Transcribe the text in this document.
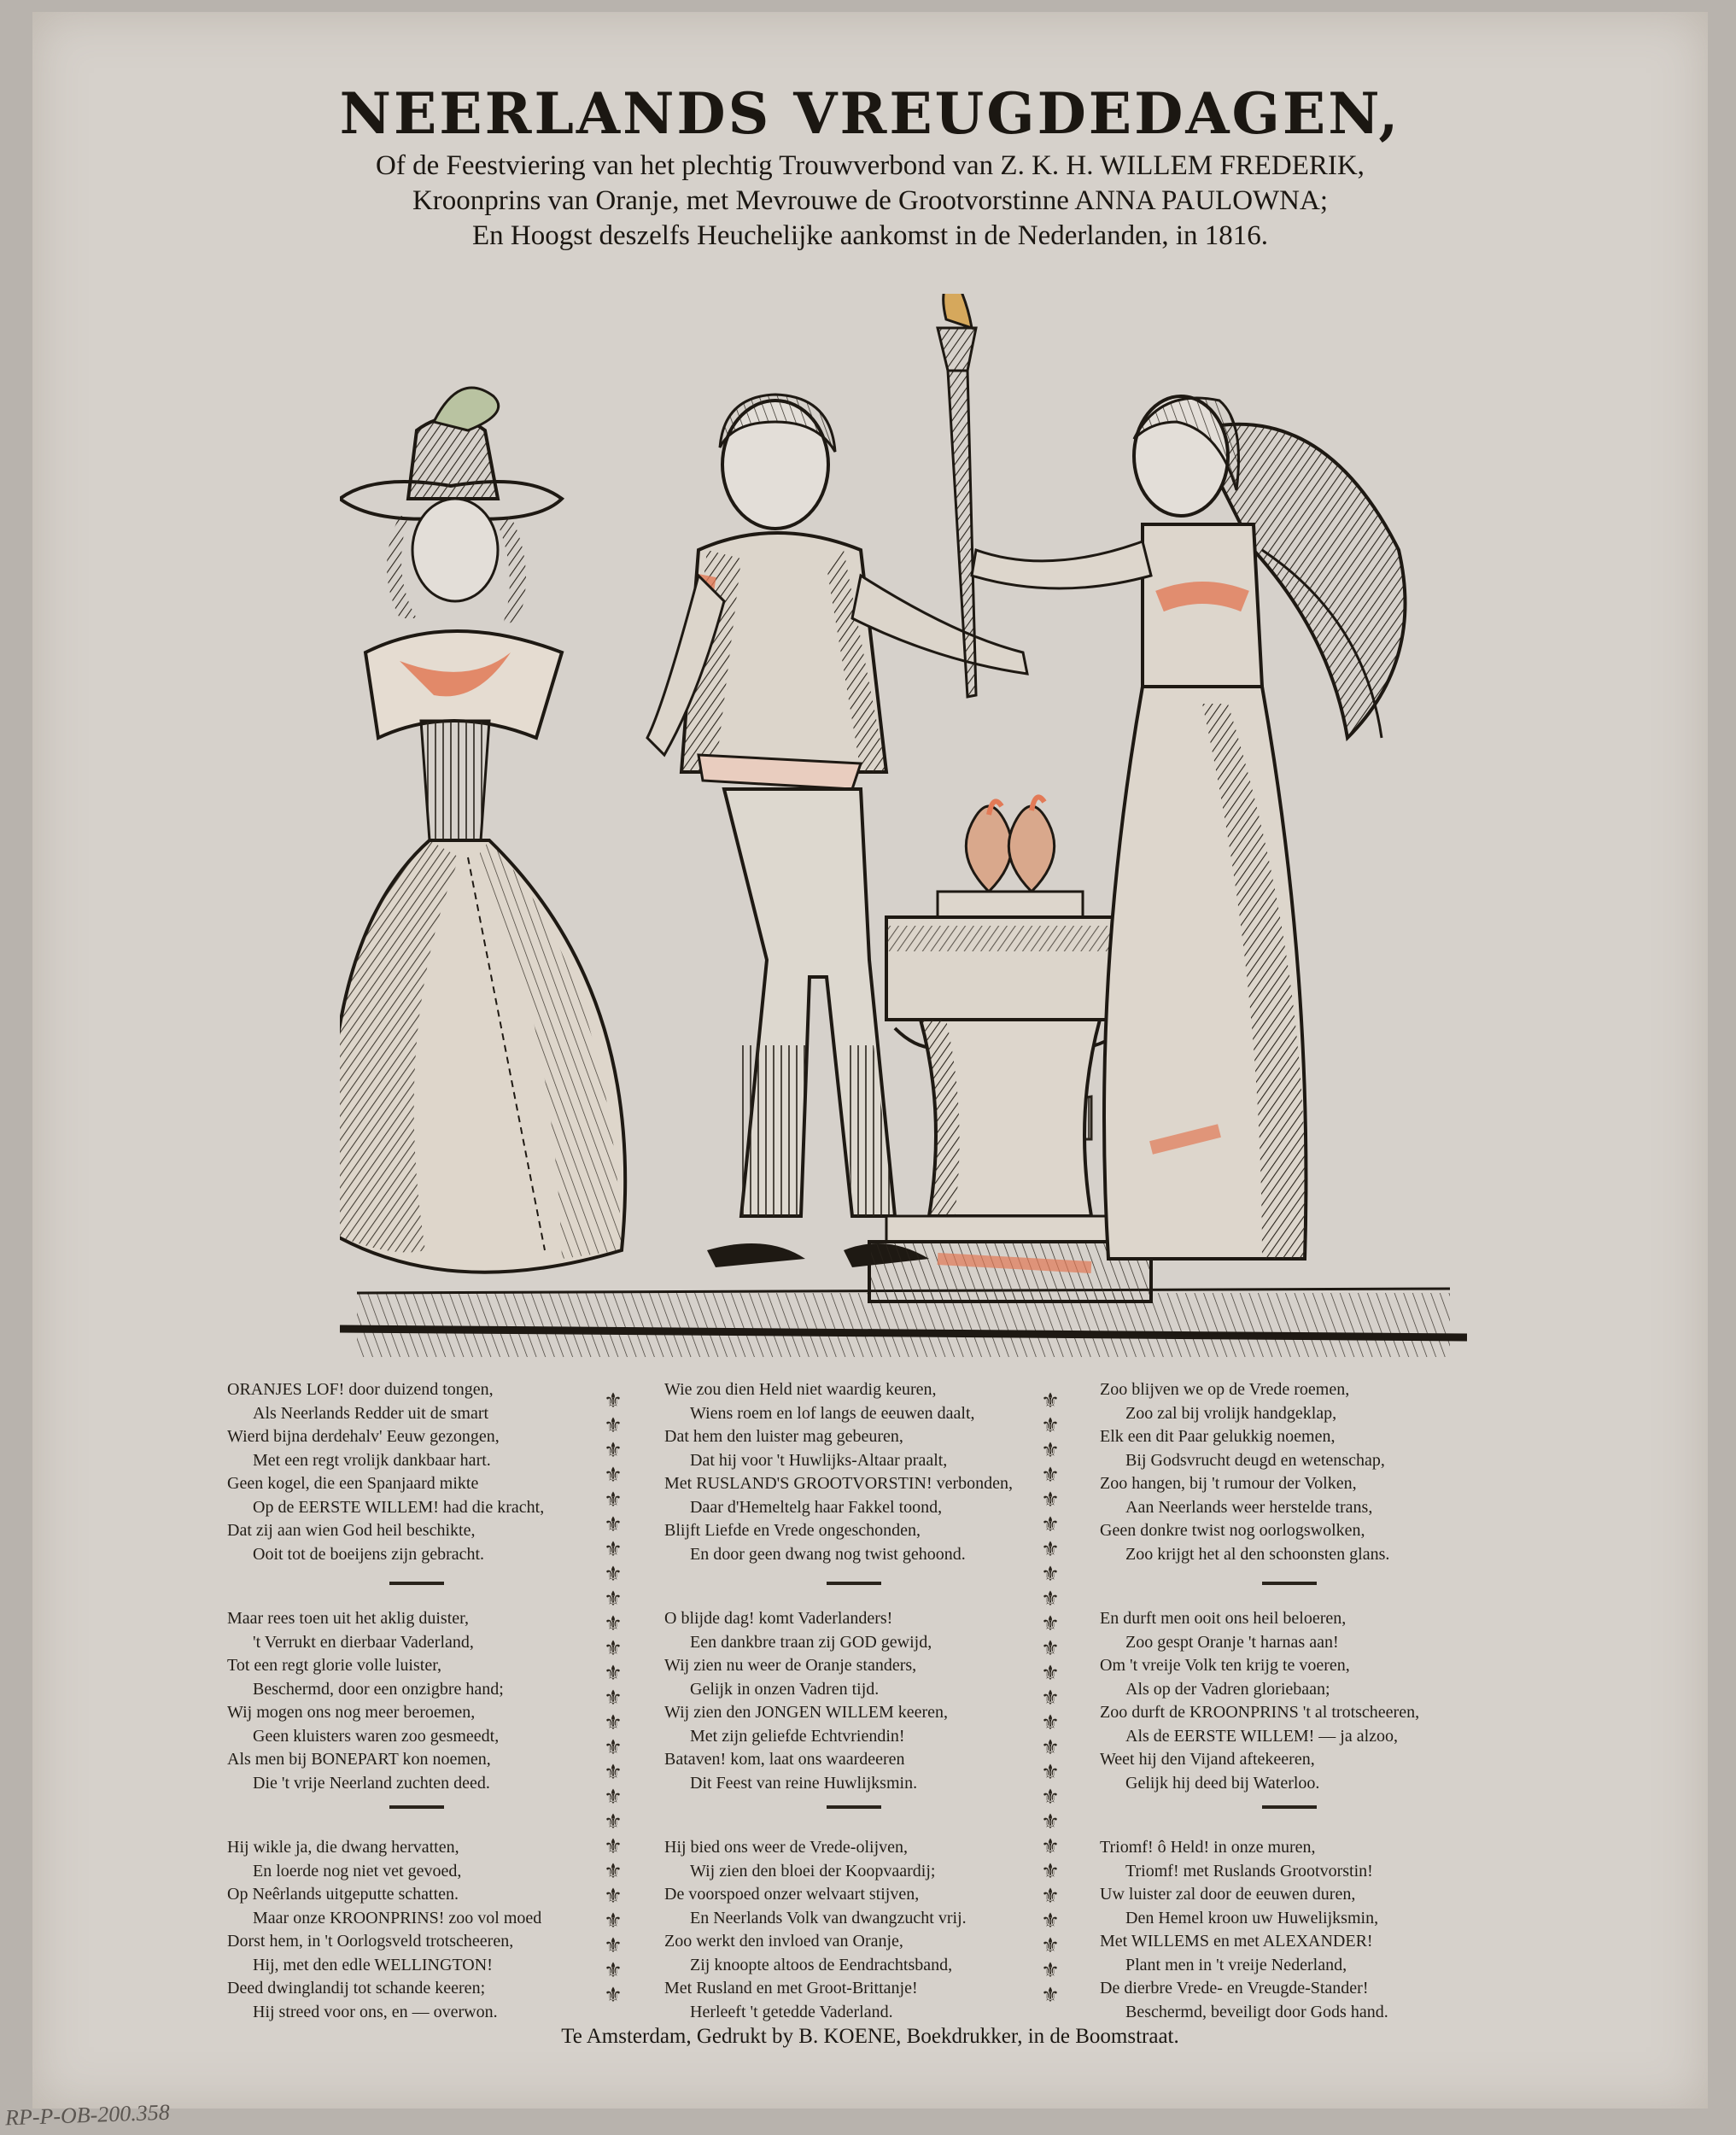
NEERLANDS VREUGDEDAGEN,

Of de Feestviering van het plechtig Trouwverbond van Z. K. H. WILLEM FREDERIK,

Kroonprins van Oranje, met Mevrouwe de Grootvorstinne ANNA PAULOWNA;

En Hoogst deszelfs Heuchelijke aankomst in de Nederlanden, in 1816.

ORANJES LOF! door duizend tongen,

Als Neerlands Redder uit de smart

Wierd bijna derdehalv' Eeuw gezongen,

Met een regt vrolijk dankbaar hart.

Geen kogel, die een Spanjaard mikte

Op de EERSTE WILLEM! had die kracht,

Dat zij aan wien God heil beschikte,

Ooit tot de boeijens zijn gebracht.

Maar rees toen uit het aklig duister,

't Verrukt en dierbaar Vaderland,

Tot een regt glorie volle luister,

Beschermd, door een onzigbre hand;

Wij mogen ons nog meer beroemen,

Geen kluisters waren zoo gesmeedt,

Als men bij BONEPART kon noemen,

Die 't vrije Neerland zuchten deed.

Hij wikle ja, die dwang hervatten,

En loerde nog niet vet gevoed,

Op Neêrlands uitgeputte schatten.

Maar onze KROONPRINS! zoo vol moed

Dorst hem, in 't Oorlogsveld trotscheeren,

Hij, met den edle WELLINGTON!

Deed dwinglandij tot schande keeren;

Hij streed voor ons, en — overwon.

Wie zou dien Held niet waardig keuren,

Wiens roem en lof langs de eeuwen daalt,

Dat hem den luister mag gebeuren,

Dat hij voor 't Huwlijks-Altaar praalt,

Met RUSLAND'S GROOTVORSTIN! verbonden,

Daar d'Hemeltelg haar Fakkel toond,

Blijft Liefde en Vrede ongeschonden,

En door geen dwang nog twist gehoond.

O blijde dag! komt Vaderlanders!

Een dankbre traan zij GOD gewijd,

Wij zien nu weer de Oranje standers,

Gelijk in onzen Vadren tijd.

Wij zien den JONGEN WILLEM keeren,

Met zijn geliefde Echtvriendin!

Bataven! kom, laat ons waardeeren

Dit Feest van reine Huwlijksmin.

Hij bied ons weer de Vrede-olijven,

Wij zien den bloei der Koopvaardij;

De voorspoed onzer welvaart stijven,

En Neerlands Volk van dwangzucht vrij.

Zoo werkt den invloed van Oranje,

Zij knoopte altoos de Eendrachtsband,

Met Rusland en met Groot-Brittanje!

Herleeft 't getedde Vaderland.

Zoo blijven we op de Vrede roemen,

Zoo zal bij vrolijk handgeklap,

Elk een dit Paar gelukkig noemen,

Bij Godsvrucht deugd en wetenschap,

Zoo hangen, bij 't rumour der Volken,

Aan Neerlands weer herstelde trans,

Geen donkre twist nog oorlogswolken,

Zoo krijgt het al den schoonsten glans.

En durft men ooit ons heil beloeren,

Zoo gespt Oranje 't harnas aan!

Om 't vreije Volk ten krijg te voeren,

Als op der Vadren gloriebaan;

Zoo durft de KROONPRINS 't al trotscheeren,

Als de EERSTE WILLEM! — ja alzoo,

Weet hij den Vijand aftekeeren,

Gelijk hij deed bij Waterloo.

Triomf! ô Held! in onze muren,

Triomf! met Ruslands Grootvorstin!

Uw luister zal door de eeuwen duren,

Den Hemel kroon uw Huwelijksmin,

Met WILLEMS en met ALEXANDER!

Plant men in 't vreije Nederland,

De dierbre Vrede- en Vreugde-Stander!

Beschermd, beveiligt door Gods hand.

⚜
⚜
⚜
⚜
⚜
⚜
⚜
⚜
⚜
⚜
⚜
⚜
⚜
⚜
⚜
⚜
⚜
⚜
⚜
⚜
⚜
⚜
⚜
⚜
⚜
⚜
⚜
⚜
⚜
⚜
⚜
⚜
⚜
⚜
⚜
⚜
⚜
⚜
⚜
⚜
⚜
⚜
⚜
⚜
⚜
⚜
⚜
⚜
⚜
⚜
Te Amsterdam, Gedrukt by B. KOENE, Boekdrukker, in de Boomstraat.
RP-P-OB-200.358
